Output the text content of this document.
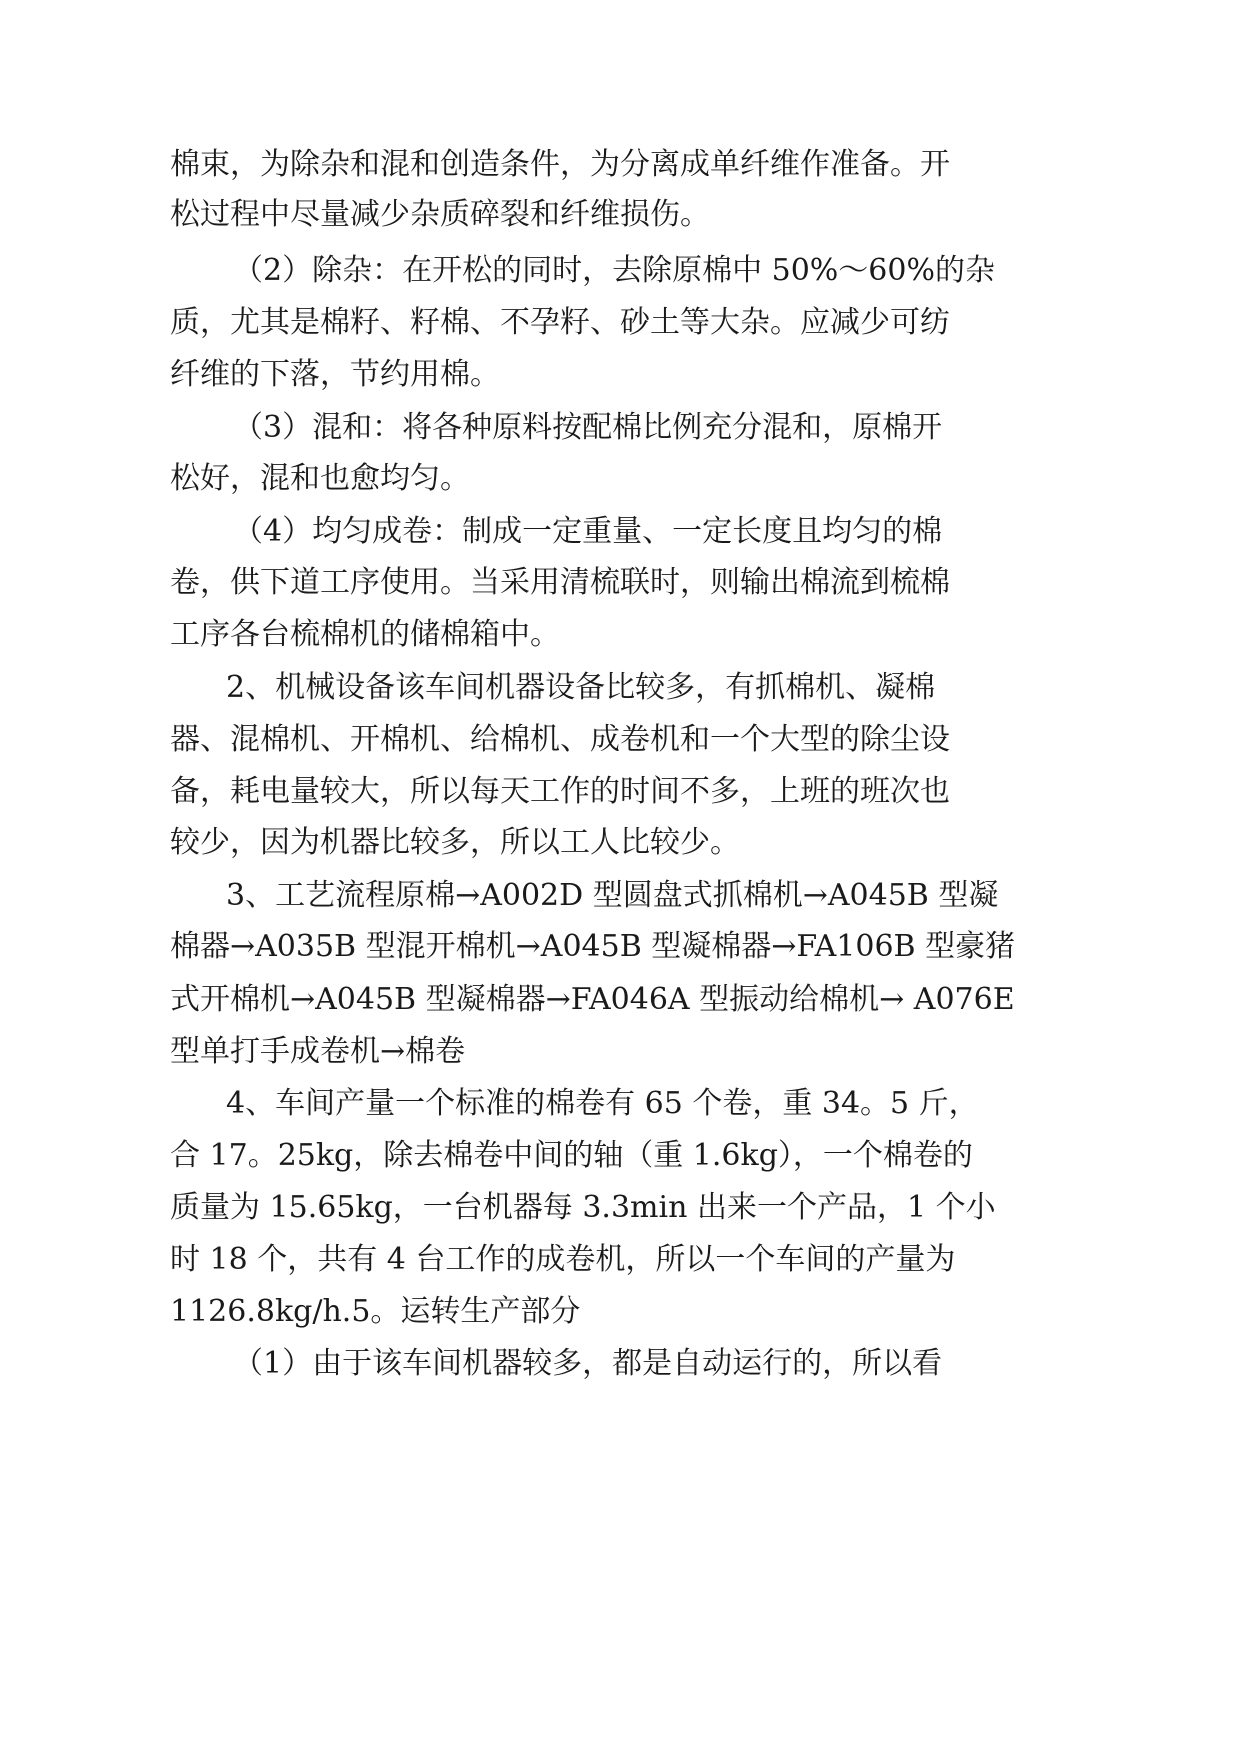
棉束，为除杂和混和创造条件，为分离成单纤维作准备。开
松过程中尽量减少杂质碎裂和纤维损伤。
（2）除杂：在开松的同时，去除原棉中 50%～60%的杂
质，尤其是棉籽、籽棉、不孕籽、砂土等大杂。应减少可纺
纤维的下落，节约用棉。
（3）混和：将各种原料按配棉比例充分混和，原棉开
松好，混和也愈均匀。
（4）均匀成卷：制成一定重量、一定长度且均匀的棉
卷，供下道工序使用。当采用清梳联时，则输出棉流到梳棉
工序各台梳棉机的储棉箱中。
2、机械设备该车间机器设备比较多，有抓棉机、凝棉
器、混棉机、开棉机、给棉机、成卷机和一个大型的除尘设
备，耗电量较大，所以每天工作的时间不多，上班的班次也
较少，因为机器比较多，所以工人比较少。
3、工艺流程原棉→A002D 型圆盘式抓棉机→A045B 型凝
棉器→A035B 型混开棉机→A045B 型凝棉器→FA106B 型豪猪
式开棉机→A045B 型凝棉器→FA046A 型振动给棉机→ A076E
型单打手成卷机→棉卷
4、车间产量一个标准的棉卷有 65 个卷，重 34。5 斤，
合 17。25kg，除去棉卷中间的轴（重 1.6kg），一个棉卷的
质量为 15.65kg，一台机器每 3.3min 出来一个产品，1 个小
时 18 个，共有 4 台工作的成卷机，所以一个车间的产量为
1126.8kg/h.5。运转生产部分
（1）由于该车间机器较多，都是自动运行的，所以看
